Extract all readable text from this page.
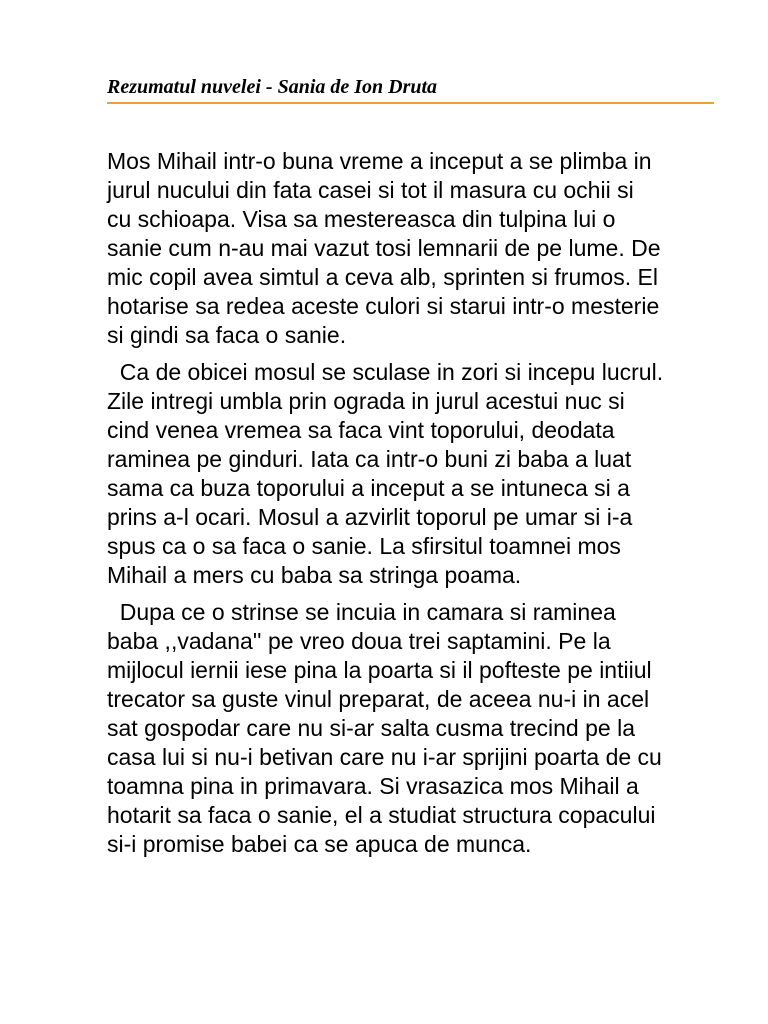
Rezumatul nuvelei - Sania de Ion Druta
Mos Mihail intr-o buna vreme a inceput a se plimba in
jurul nucului din fata casei si tot il masura cu ochii si
cu schioapa. Visa sa mestereasca din tulpina lui o
sanie cum n-au mai vazut tosi lemnarii de pe lume. De
mic copil avea simtul a ceva alb, sprinten si frumos. El
hotarise sa redea aceste culori si starui intr-o mesterie
si gindi sa faca o sanie.
Ca de obicei mosul se sculase in zori si incepu lucrul.
Zile intregi umbla prin ograda in jurul acestui nuc si
cind venea vremea sa faca vint toporului, deodata
raminea pe ginduri. Iata ca intr-o buni zi baba a luat
sama ca buza toporului a inceput a se intuneca si a
prins a-l ocari. Mosul a azvirlit toporul pe umar si i-a
spus ca o sa faca o sanie. La sfirsitul toamnei mos
Mihail a mers cu baba sa stringa poama.
Dupa ce o strinse se incuia in camara si raminea
baba ,,vadana'' pe vreo doua trei saptamini. Pe la
mijlocul iernii iese pina la poarta si il pofteste pe intiiul
trecator sa guste vinul preparat, de aceea nu-i in acel
sat gospodar care nu si-ar salta cusma trecind pe la
casa lui si nu-i betivan care nu i-ar sprijini poarta de cu
toamna pina in primavara. Si vrasazica mos Mihail a
hotarit sa faca o sanie, el a studiat structura copacului
si-i promise babei ca se apuca de munca.
